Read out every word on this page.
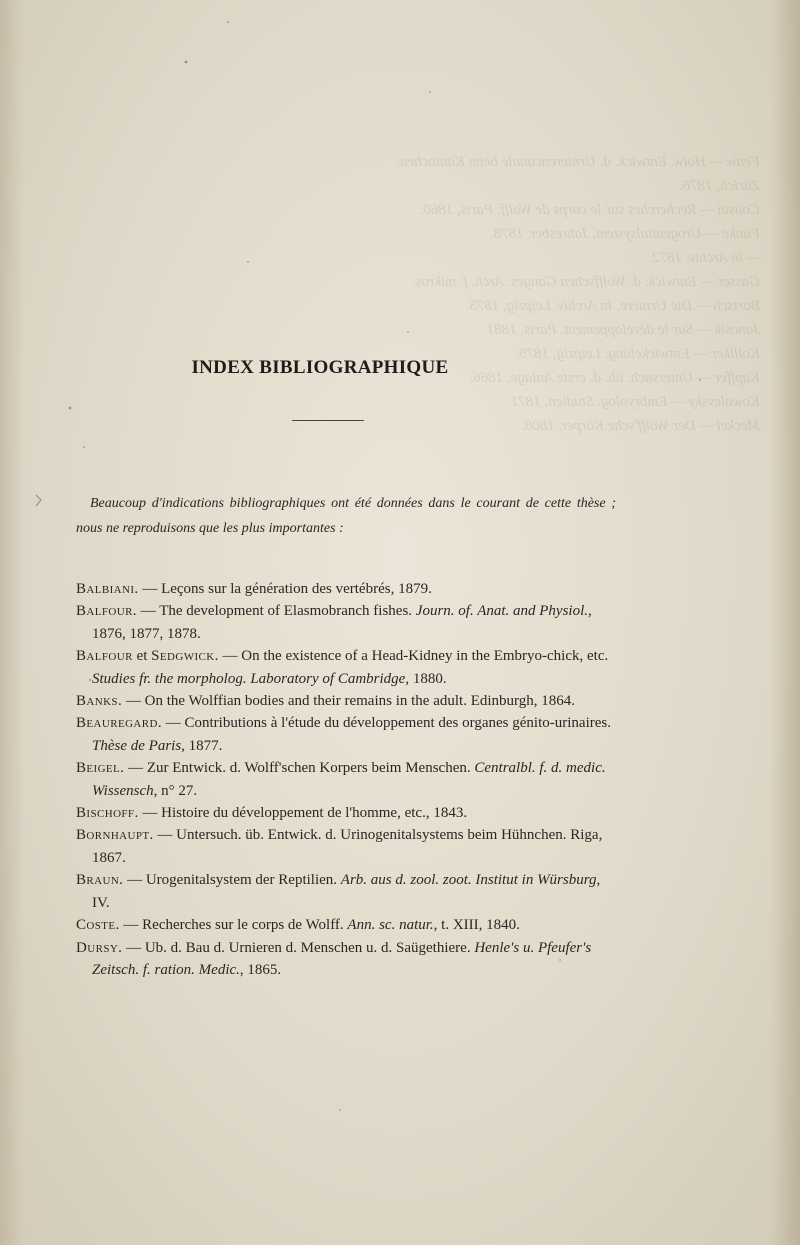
Fenw — Holw. Entwick. d. Urnierencanale beim Kaninchen.
Zürich, 1876.
Cousin — Recherches sur le corps de Wolff. Paris, 1860.
Funke — Urogenitalsystem. Jahresber. 1878.
— in Archiv. 1872.
Gasser — Entwick. d. Wolffschen Ganges. Arch. f. mikros.
Bartsch — Die Urniere. In Archiv. Leipzig, 1875.
Janosik — Sur le développement. Paris, 1881.
Kolliker — Entwickelung. Leipzig, 1879.
Kupffer — Untersuch. üb. d. erste Anlage. 1866.
Kowalevsky — Embryolog. Studien. 1871.
Meckel — Der Wolff'sche Körper. 1808.
INDEX BIBLIOGRAPHIQUE

Beaucoup d'indications bibliographiques ont été données dans le courant de cette thèse ; nous ne reproduisons que les plus importantes :

Balbiani. — Leçons sur la génération des vertébrés, 1879.
Balfour. — The development of Elasmobranch fishes. Journ. of. Anat. and Physiol., 1876, 1877, 1878.
Balfour et Sedgwick. — On the existence of a Head-Kidney in the Embryo-chick, etc. Studies fr. the morpholog. Laboratory of Cambridge, 1880.
Banks. — On the Wolffian bodies and their remains in the adult. Edinburgh, 1864.
Beauregard. — Contributions à l'étude du développement des organes génito-urinaires. Thèse de Paris, 1877.
Beigel. — Zur Entwick. d. Wolff'schen Korpers beim Menschen. Centralbl. f. d. medic. Wissensch, n° 27.
Bischoff. — Histoire du développement de l'homme, etc., 1843.
Bornhaupt. — Untersuch. üb. Entwick. d. Urinogenitalsystems beim Hühnchen. Riga, 1867.
Braun. — Urogenitalsystem der Reptilien. Arb. aus d. zool. zoot. Institut in Würsburg, IV.
Coste. — Recherches sur le corps de Wolff. Ann. sc. natur., t. XIII, 1840.
Dursy. — Ub. d. Bau d. Urnieren d. Menschen u. d. Saügethiere. Henle's u. Pfeufer's Zeitsch. f. ration. Medic., 1865.
